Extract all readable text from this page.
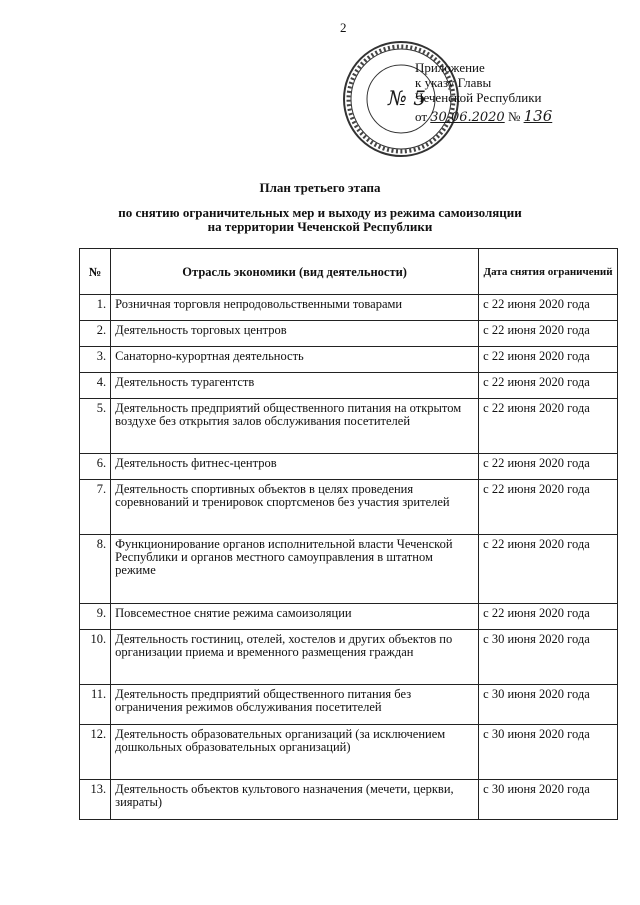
2
№ 5
Приложение
к указу Главы
Чеченской Республики
от 30.06.2020 № 136
План третьего этапа
по снятию ограничительных мер и выходу из режима самоизоляции
на территории Чеченской Республики
№	Отрасль экономики (вид деятельности)	Дата снятия ограничений
1.	Розничная торговля непродовольственными товарами	с 22 июня 2020 года
2.	Деятельность торговых центров	с 22 июня 2020 года
3.	Санаторно-курортная деятельность	с 22 июня 2020 года
4.	Деятельность турагентств	с 22 июня 2020 года
5.	Деятельность предприятий общественного питания на открытом воздухе без открытия залов обслуживания посетителей	с 22 июня 2020 года
6.	Деятельность фитнес-центров	с 22 июня 2020 года
7.	Деятельность спортивных объектов в целях проведения соревнований и тренировок спортсменов без участия зрителей	с 22 июня 2020 года
8.	Функционирование органов исполнительной власти Чеченской Республики и органов местного самоуправления в штатном режиме	с 22 июня 2020 года
9.	Повсеместное снятие режима самоизоляции	с 22 июня 2020 года
10.	Деятельность гостиниц, отелей, хостелов и других объектов по организации приема и временного размещения граждан	с 30 июня 2020 года
11.	Деятельность предприятий общественного питания без ограничения режимов обслуживания посетителей	с 30 июня 2020 года
12.	Деятельность образовательных организаций (за исключением дошкольных образовательных организаций)	с 30 июня 2020 года
13.	Деятельность объектов культового назначения (мечети, церкви, зияраты)	с 30 июня 2020 года
